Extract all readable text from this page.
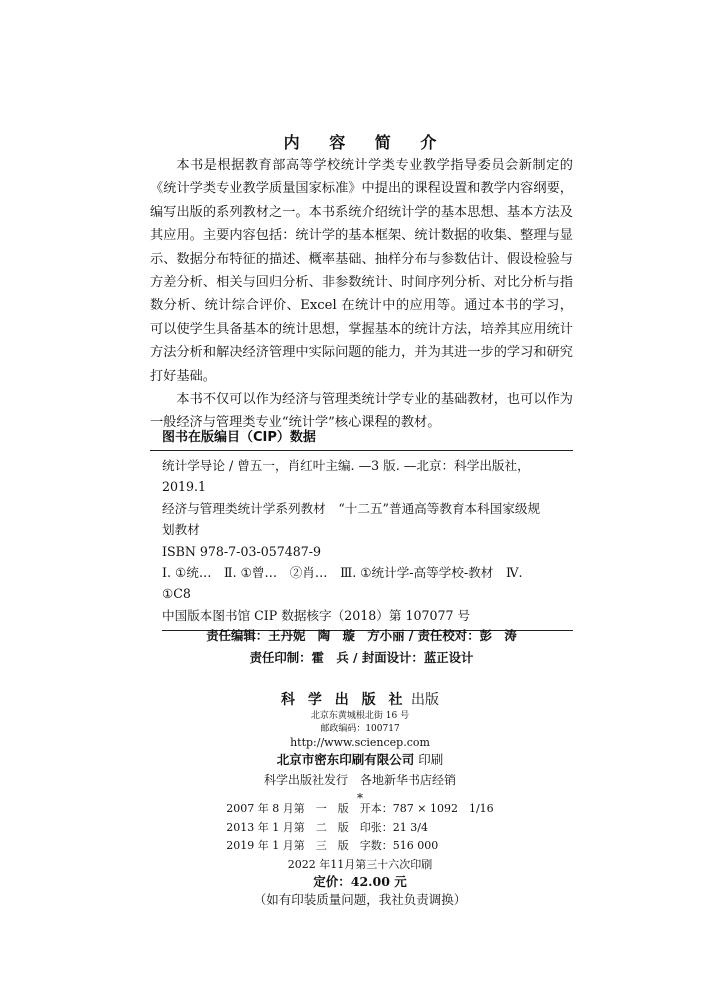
内 容 简 介

本书是根据教育部高等学校统计学类专业教学指导委员会新制定的《统计学类专业教学质量国家标准》中提出的课程设置和教学内容纲要，编写出版的系列教材之一。本书系统介绍统计学的基本思想、基本方法及其应用。主要内容包括：统计学的基本框架、统计数据的收集、整理与显示、数据分布特征的描述、概率基础、抽样分布与参数估计、假设检验与方差分析、相关与回归分析、非参数统计、时间序列分析、对比分析与指数分析、统计综合评价、Excel 在统计中的应用等。通过本书的学习，可以使学生具备基本的统计思想，掌握基本的统计方法，培养其应用统计方法分析和解决经济管理中实际问题的能力，并为其进一步的学习和研究打好基础。

本书不仅可以作为经济与管理类统计学专业的基础教材，也可以作为一般经济与管理类专业“统计学”核心课程的教材。

图书在版编目（CIP）数据
统计学导论 / 曾五一，肖红叶主编. —3 版. —北京：科学出版社，
2019.1
经济与管理类统计学系列教材　“十二五”普通高等教育本科国家级规
划教材
ISBN 978-7-03-057487-9
Ⅰ. ①统…　Ⅱ. ①曾…　②肖…　Ⅲ. ①统计学-高等学校-教材　Ⅳ.
①C8
中国版本图书馆 CIP 数据核字（2018）第 107077 号
责任编辑：王丹妮　陶　璇　方小丽 / 责任校对：彭　涛
责任印制：霍　兵 / 封面设计：蓝正设计
科 学 出 版 社 出版
北京东黄城根北街 16 号
邮政编码：100717
http://www.sciencep.com
北京市密东印刷有限公司 印刷
科学出版社发行　各地新华书店经销
*
2007 年 8 月第　一　版　开本：787 × 1092　1/16
2013 年 1 月第　二　版　印张：21 3/4
2019 年 1 月第　三　版　字数：516 000
2022 年11月第三十六次印刷
定价：42.00 元
（如有印装质量问题，我社负责调换）
